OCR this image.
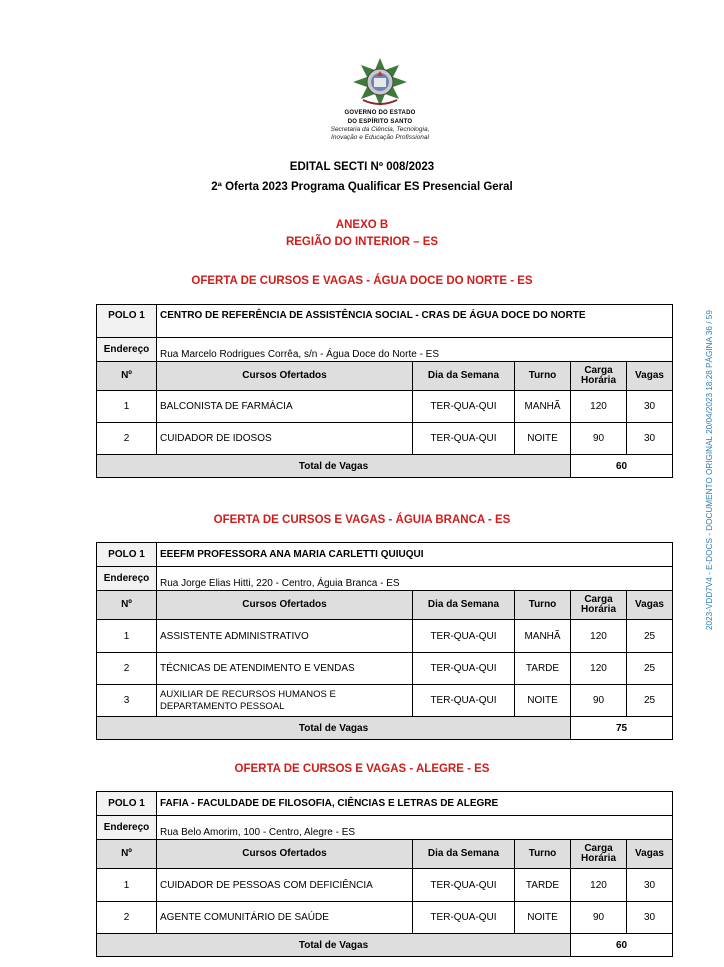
GOVERNO DO ESTADO
DO ESPÍRITO SANTO
Secretaria da Ciência, Tecnologia,
Inovação e Educação Profissional
EDITAL SECTI Nº 008/2023
2ª Oferta 2023 Programa Qualificar ES Presencial Geral
ANEXO B
REGIÃO DO INTERIOR – ES
2023-VDD7V4 - E-DOCS - DOCUMENTO ORIGINAL 20/04/2023 18:28 PÁGINA 36 / 59
OFERTA DE CURSOS E VAGAS - ÁGUA DOCE DO NORTE - ES
POLO 1	CENTRO DE REFERÊNCIA DE ASSISTÊNCIA SOCIAL - CRAS DE ÁGUA DOCE DO NORTE				
Endereço	Rua Marcelo Rodrigues Corrêa, s/n - Água Doce do Norte - ES				
Nº	Cursos Ofertados	Dia da Semana	Turno	Carga
Horária	Vagas
1	BALCONISTA DE FARMÁCIA	TER-QUA-QUI	MANHÃ	120	30
2	CUIDADOR DE IDOSOS	TER-QUA-QUI	NOITE	90	30
Total de Vagas				60	
OFERTA DE CURSOS E VAGAS - ÁGUIA BRANCA - ES
POLO 1	EEEFM PROFESSORA ANA MARIA CARLETTI QUIUQUI				
Endereço	Rua Jorge Elias Hitti, 220 - Centro, Águia Branca - ES				
Nº	Cursos Ofertados	Dia da Semana	Turno	Carga
Horária	Vagas
1	ASSISTENTE ADMINISTRATIVO	TER-QUA-QUI	MANHÃ	120	25
2	TÉCNICAS DE ATENDIMENTO E VENDAS	TER-QUA-QUI	TARDE	120	25
3	AUXILIAR DE RECURSOS HUMANOS E DEPARTAMENTO PESSOAL	TER-QUA-QUI	NOITE	90	25
Total de Vagas				75	
OFERTA DE CURSOS E VAGAS - ALEGRE - ES
POLO 1	FAFIA - FACULDADE DE FILOSOFIA, CIÊNCIAS E LETRAS DE ALEGRE				
Endereço	Rua Belo Amorim, 100 - Centro, Alegre - ES				
Nº	Cursos Ofertados	Dia da Semana	Turno	Carga
Horária	Vagas
1	CUIDADOR DE PESSOAS COM DEFICIÊNCIA	TER-QUA-QUI	TARDE	120	30
2	AGENTE COMUNITÁRIO DE SAÚDE	TER-QUA-QUI	NOITE	90	30
Total de Vagas				60	
